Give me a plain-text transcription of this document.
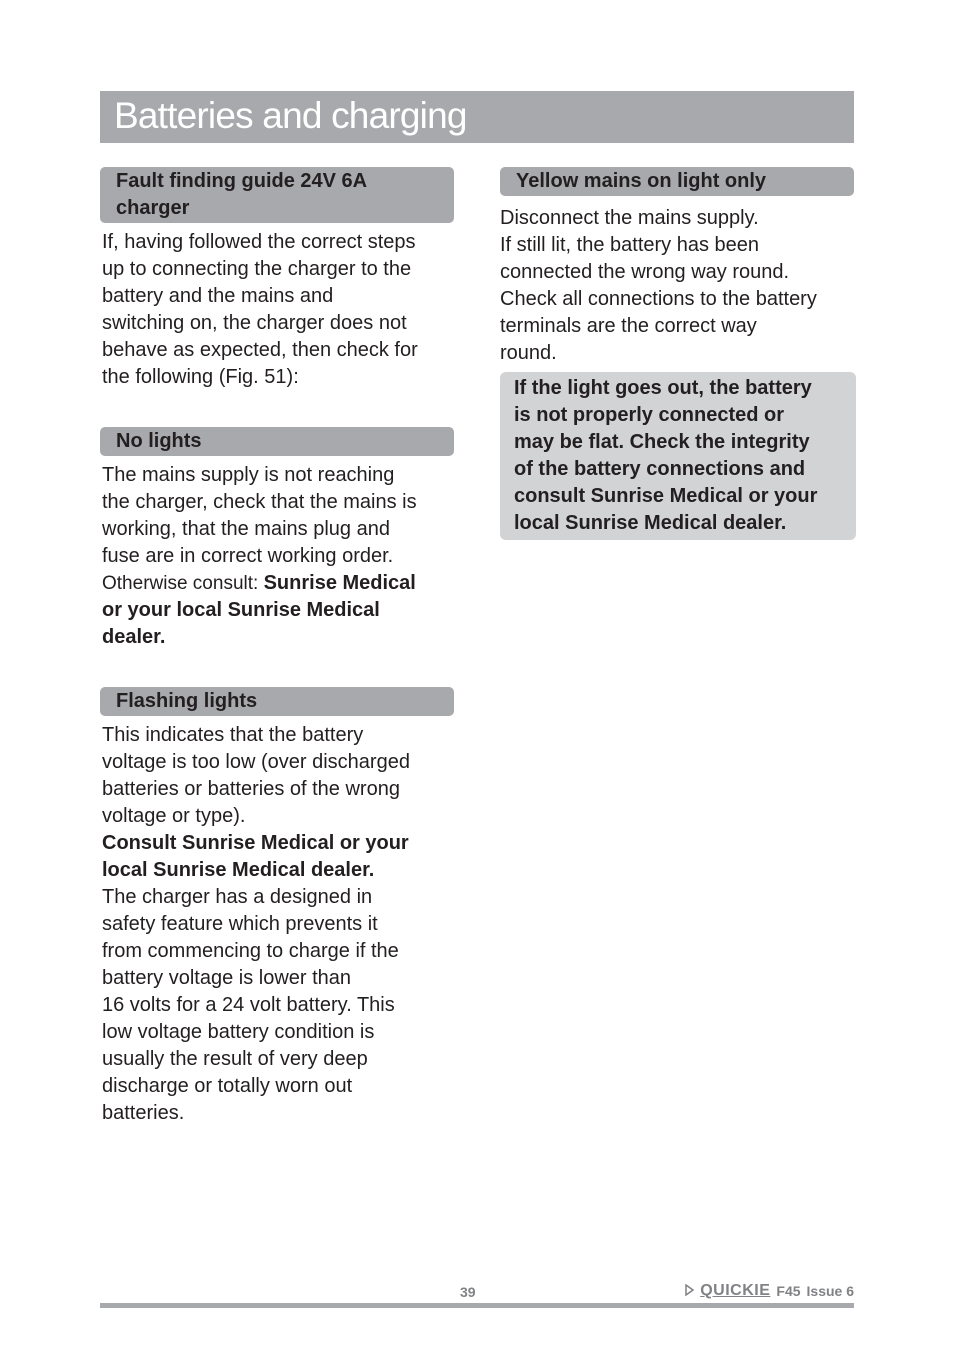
Batteries and charging
Fault finding guide 24V 6A
charger
If, having followed the correct steps
up to connecting the charger to the
battery and the mains and
switching on, the charger does not
behave as expected, then check for
the following (Fig. 51):
No lights
The mains supply is not reaching
the charger, check that the mains is
working, that the mains plug and
fuse are in correct working order.
Otherwise consult: Sunrise Medical
or your local Sunrise Medical
dealer.
Flashing lights
This indicates that the battery
voltage is too low (over discharged
batteries or batteries of the wrong
voltage or type).
Consult Sunrise Medical or your
local Sunrise Medical dealer.
The charger has a designed in
safety feature which prevents it
from commencing to charge if the
battery voltage is lower than
16 volts for a 24 volt battery. This
low voltage battery condition is
usually the result of very deep
discharge or totally worn out
batteries.
Yellow mains on light only
Disconnect the mains supply.
If still lit, the battery has been
connected the wrong way round.
Check all connections to the battery
terminals are the correct way
round.
If the light goes out, the battery
is not properly connected or
may be flat. Check the integrity
of the battery connections and
consult Sunrise Medical or your
local Sunrise Medical dealer.
39	QUICKIE F45 Issue 6
